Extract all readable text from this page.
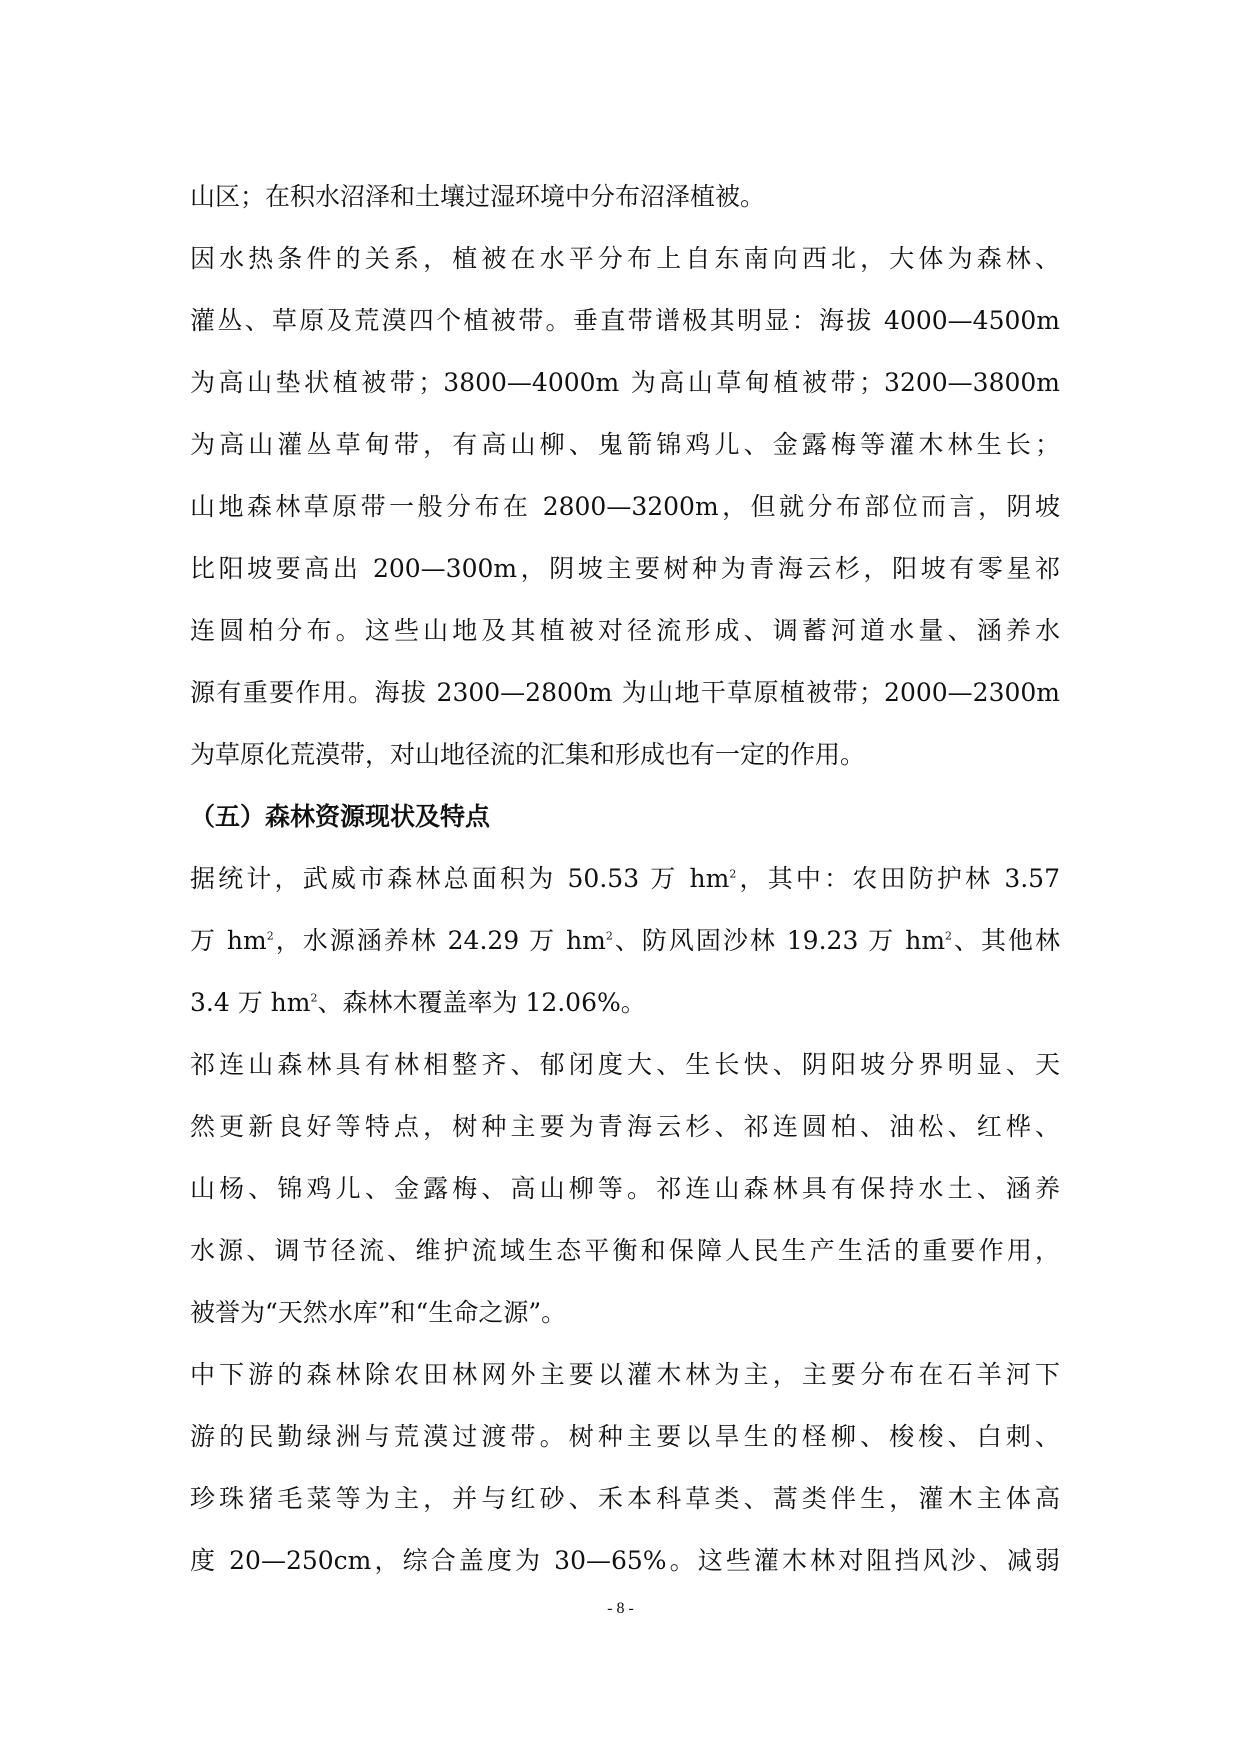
山区；在积水沼泽和土壤过湿环境中分布沼泽植被。
因水热条件的关系，植被在水平分布上自东南向西北，大体为森林、
灌丛、草原及荒漠四个植被带。垂直带谱极其明显：海拔 4000—4500m
为高山垫状植被带；3800—4000m 为高山草甸植被带；3200—3800m
为高山灌丛草甸带，有高山柳、鬼箭锦鸡儿、金露梅等灌木林生长；
山地森林草原带一般分布在 2800—3200m，但就分布部位而言，阴坡
比阳坡要高出 200—300m，阴坡主要树种为青海云杉，阳坡有零星祁
连圆柏分布。这些山地及其植被对径流形成、调蓄河道水量、涵养水
源有重要作用。海拔 2300—2800m 为山地干草原植被带；2000—2300m
为草原化荒漠带，对山地径流的汇集和形成也有一定的作用。
（五）森林资源现状及特点
据统计，武威市森林总面积为 50.53 万 $hm^2$，其中：农田防护林 3.57
万 $hm^2$，水源涵养林 24.29 万 $hm^2$、防风固沙林 19.23 万 $hm^2$、其他林
3.4 万 $hm^2$、森林木覆盖率为 12.06%。
祁连山森林具有林相整齐、郁闭度大、生长快、阴阳坡分界明显、天
然更新良好等特点，树种主要为青海云杉、祁连圆柏、油松、红桦、
山杨、锦鸡儿、金露梅、高山柳等。祁连山森林具有保持水土、涵养
水源、调节径流、维护流域生态平衡和保障人民生产生活的重要作用，
被誉为“天然水库”和“生命之源”。
中下游的森林除农田林网外主要以灌木林为主，主要分布在石羊河下
游的民勤绿洲与荒漠过渡带。树种主要以旱生的柽柳、梭梭、白刺、
珍珠猪毛菜等为主，并与红砂、禾本科草类、蒿类伴生，灌木主体高
度 20—250cm，综合盖度为 30—65%。这些灌木林对阻挡风沙、减弱
- 8 -
